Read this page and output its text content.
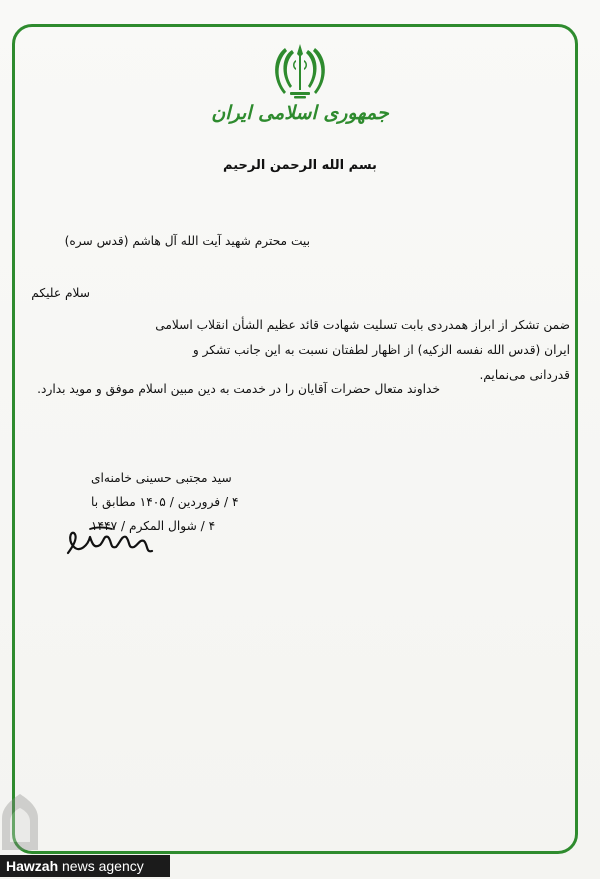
جمهوری اسلامی ایران
بسم الله الرحمن الرحیم
بیت محترم شهید آیت الله آل هاشم (قدس سره)
سلام علیکم
ضمن تشکر از ابراز همدردی بابت تسلیت شهادت قائد عظیم الشأن انقلاب اسلامی ایران (قدس الله نفسه الزکیه) از اظهار لطفتان نسبت به این جانب تشکر و قدردانی می‌نمایم.
خداوند متعال حضرات آقایان را در خدمت به دین مبین اسلام موفق و موید بدارد.
سید مجتبی حسینی خامنه‌ای
۴ / فروردین / ۱۴۰۵ مطابق با
۴ / شوال المکرم / ۱۴۴۷
Hawzah news agency
